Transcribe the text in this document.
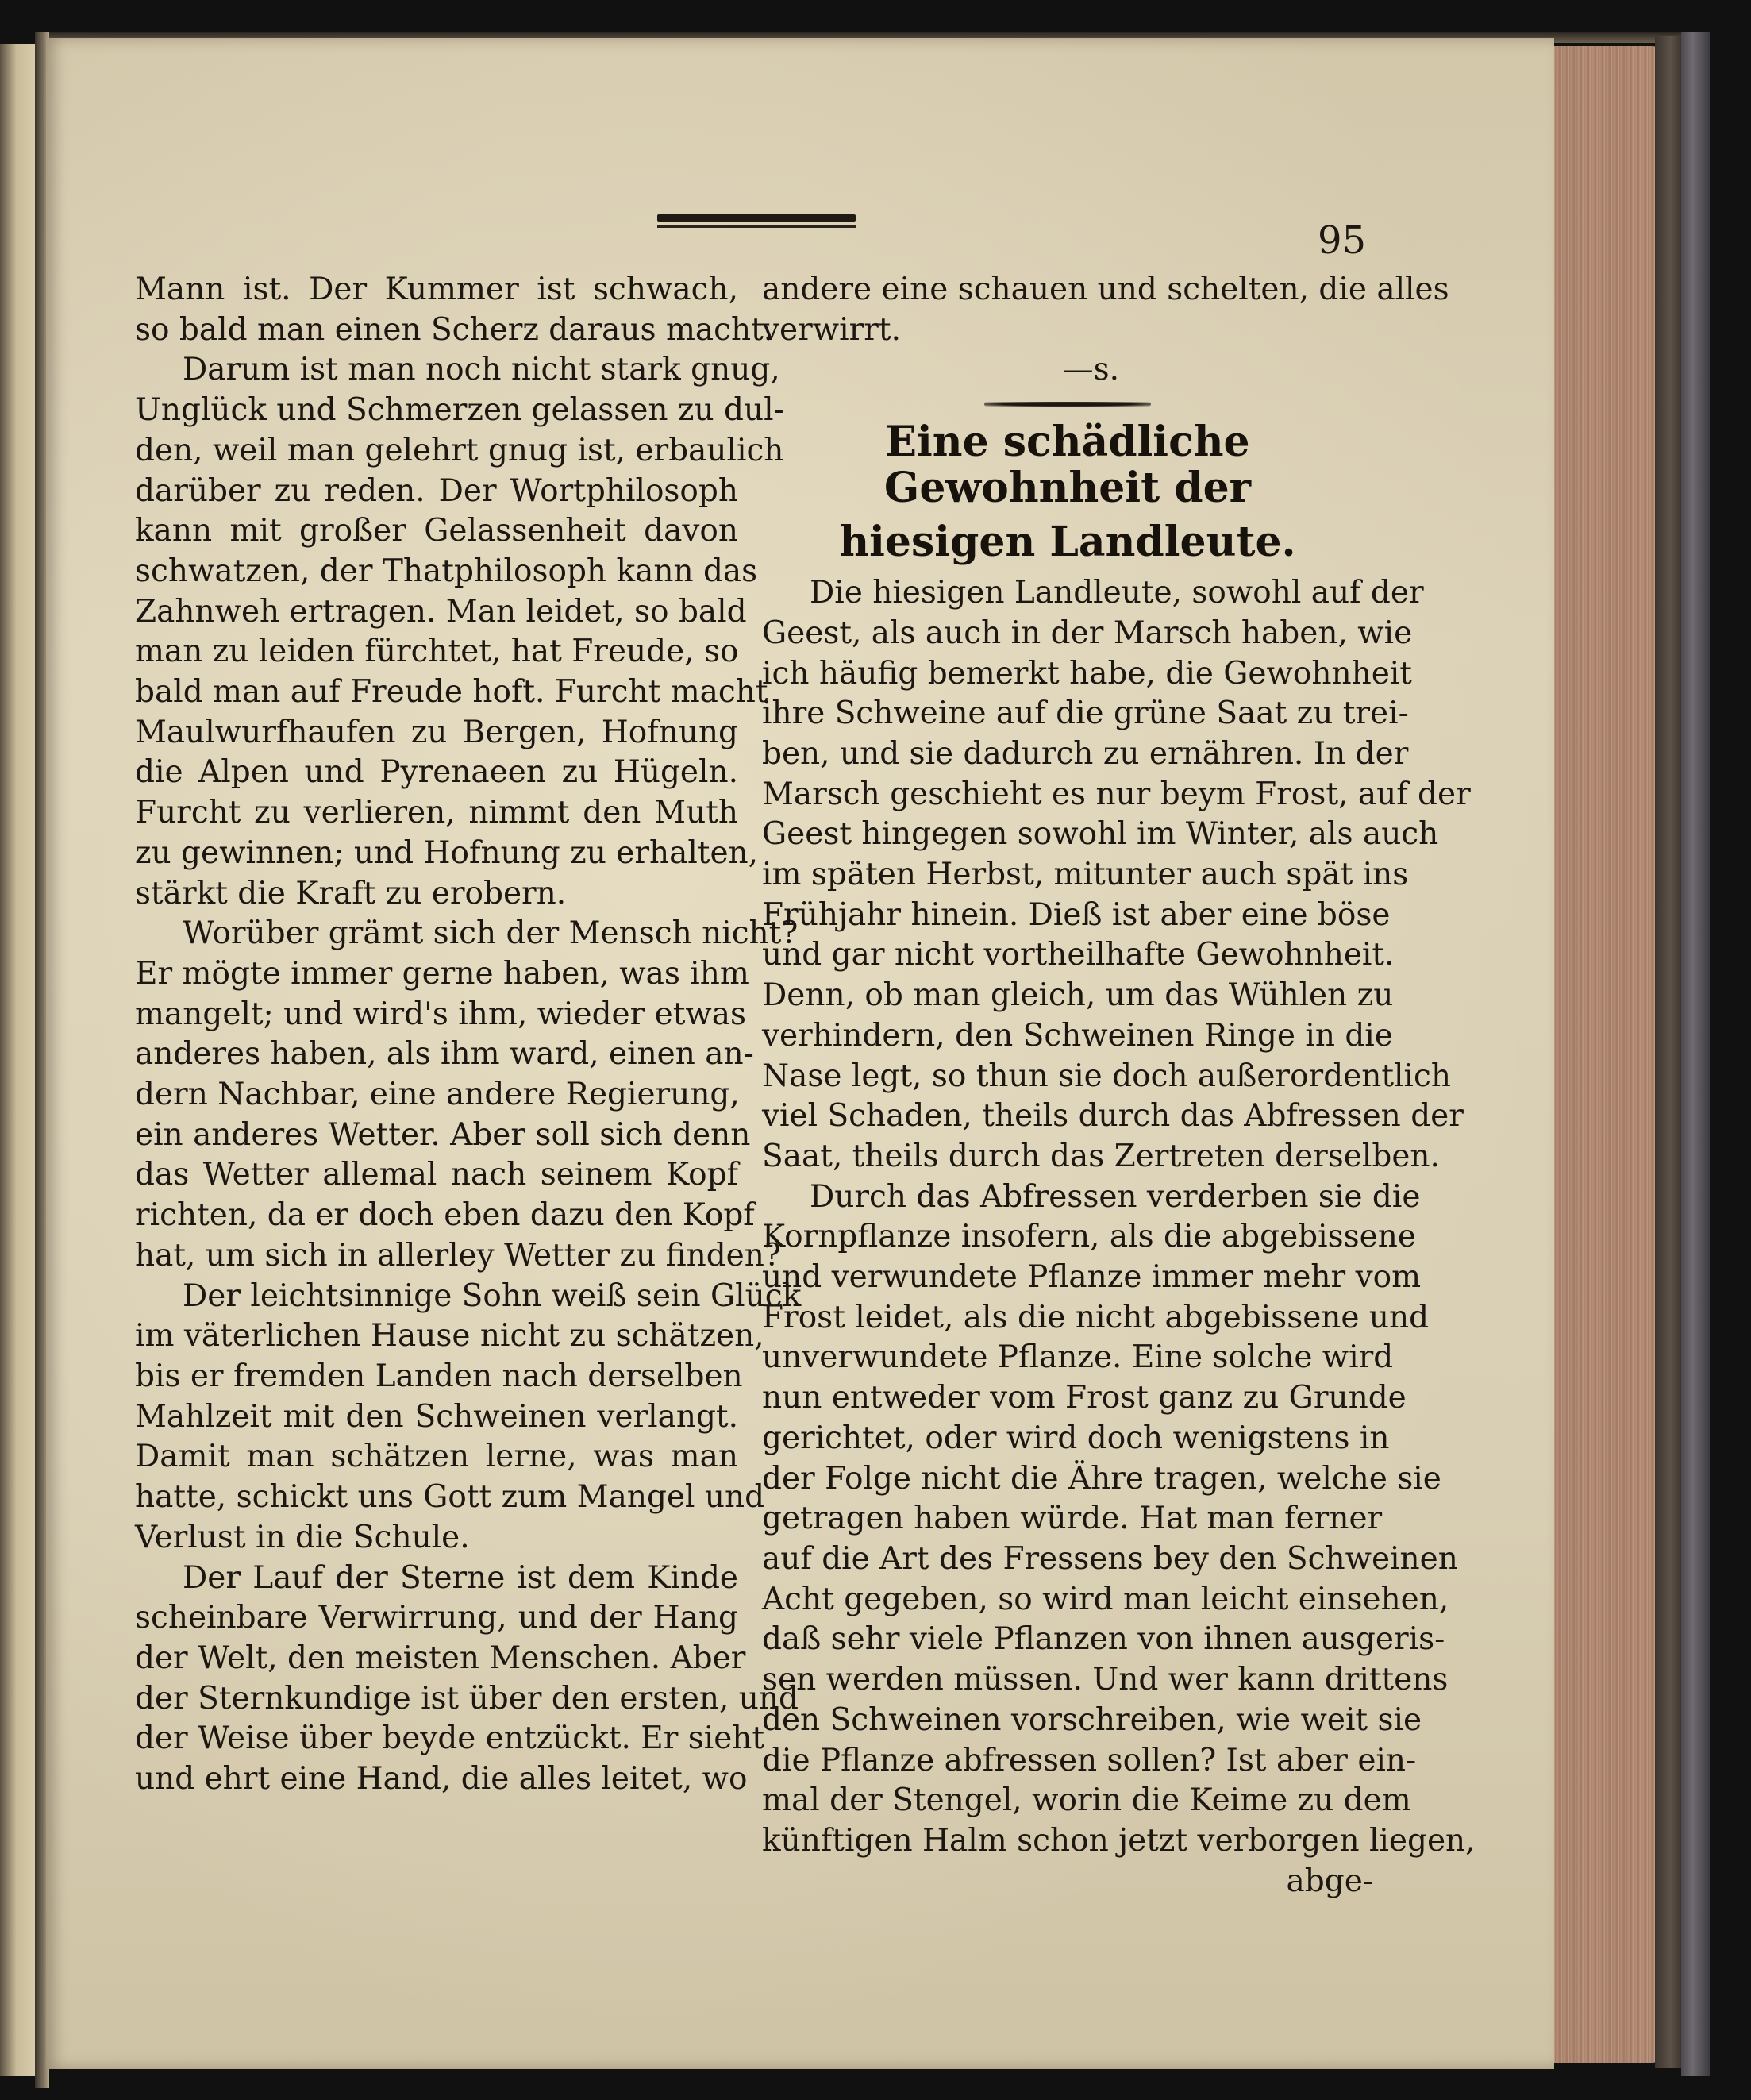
95
Mann ist. Der Kummer ist schwach,
so bald man einen Scherz daraus macht.
Darum ist man noch nicht stark gnug,
Unglück und Schmerzen gelassen zu dul-
den, weil man gelehrt gnug ist, erbaulich
darüber zu reden. Der Wortphilosoph
kann mit großer Gelassenheit davon
schwatzen, der Thatphilosoph kann das
Zahnweh ertragen. Man leidet, so bald
man zu leiden fürchtet, hat Freude, so
bald man auf Freude hoft. Furcht macht
Maulwurfhaufen zu Bergen, Hofnung
die Alpen und Pyrenaeen zu Hügeln.
Furcht zu verlieren, nimmt den Muth
zu gewinnen; und Hofnung zu erhalten,
stärkt die Kraft zu erobern.
Worüber grämt sich der Mensch nicht?
Er mögte immer gerne haben, was ihm
mangelt; und wird's ihm, wieder etwas
anderes haben, als ihm ward, einen an-
dern Nachbar, eine andere Regierung,
ein anderes Wetter. Aber soll sich denn
das Wetter allemal nach seinem Kopf
richten, da er doch eben dazu den Kopf
hat, um sich in allerley Wetter zu finden?
Der leichtsinnige Sohn weiß sein Glück
im väterlichen Hause nicht zu schätzen,
bis er fremden Landen nach derselben
Mahlzeit mit den Schweinen verlangt.
Damit man schätzen lerne, was man
hatte, schickt uns Gott zum Mangel und
Verlust in die Schule.
Der Lauf der Sterne ist dem Kinde
scheinbare Verwirrung, und der Hang
der Welt, den meisten Menschen. Aber
der Sternkundige ist über den ersten, und
der Weise über beyde entzückt. Er sieht
und ehrt eine Hand, die alles leitet, wo
andere eine schauen und schelten, die alles
verwirrt.
—s.
Eine schädliche Gewohnheit der
hiesigen Landleute.
Die hiesigen Landleute, sowohl auf der
Geest, als auch in der Marsch haben, wie
ich häufig bemerkt habe, die Gewohnheit
ihre Schweine auf die grüne Saat zu trei-
ben, und sie dadurch zu ernähren. In der
Marsch geschieht es nur beym Frost, auf der
Geest hingegen sowohl im Winter, als auch
im späten Herbst, mitunter auch spät ins
Frühjahr hinein. Dieß ist aber eine böse
und gar nicht vortheilhafte Gewohnheit.
Denn, ob man gleich, um das Wühlen zu
verhindern, den Schweinen Ringe in die
Nase legt, so thun sie doch außerordentlich
viel Schaden, theils durch das Abfressen der
Saat, theils durch das Zertreten derselben.
Durch das Abfressen verderben sie die
Kornpflanze insofern, als die abgebissene
und verwundete Pflanze immer mehr vom
Frost leidet, als die nicht abgebissene und
unverwundete Pflanze. Eine solche wird
nun entweder vom Frost ganz zu Grunde
gerichtet, oder wird doch wenigstens in
der Folge nicht die Ähre tragen, welche sie
getragen haben würde. Hat man ferner
auf die Art des Fressens bey den Schweinen
Acht gegeben, so wird man leicht einsehen,
daß sehr viele Pflanzen von ihnen ausgeris-
sen werden müssen. Und wer kann drittens
den Schweinen vorschreiben, wie weit sie
die Pflanze abfressen sollen? Ist aber ein-
mal der Stengel, worin die Keime zu dem
künftigen Halm schon jetzt verborgen liegen,
abge-
